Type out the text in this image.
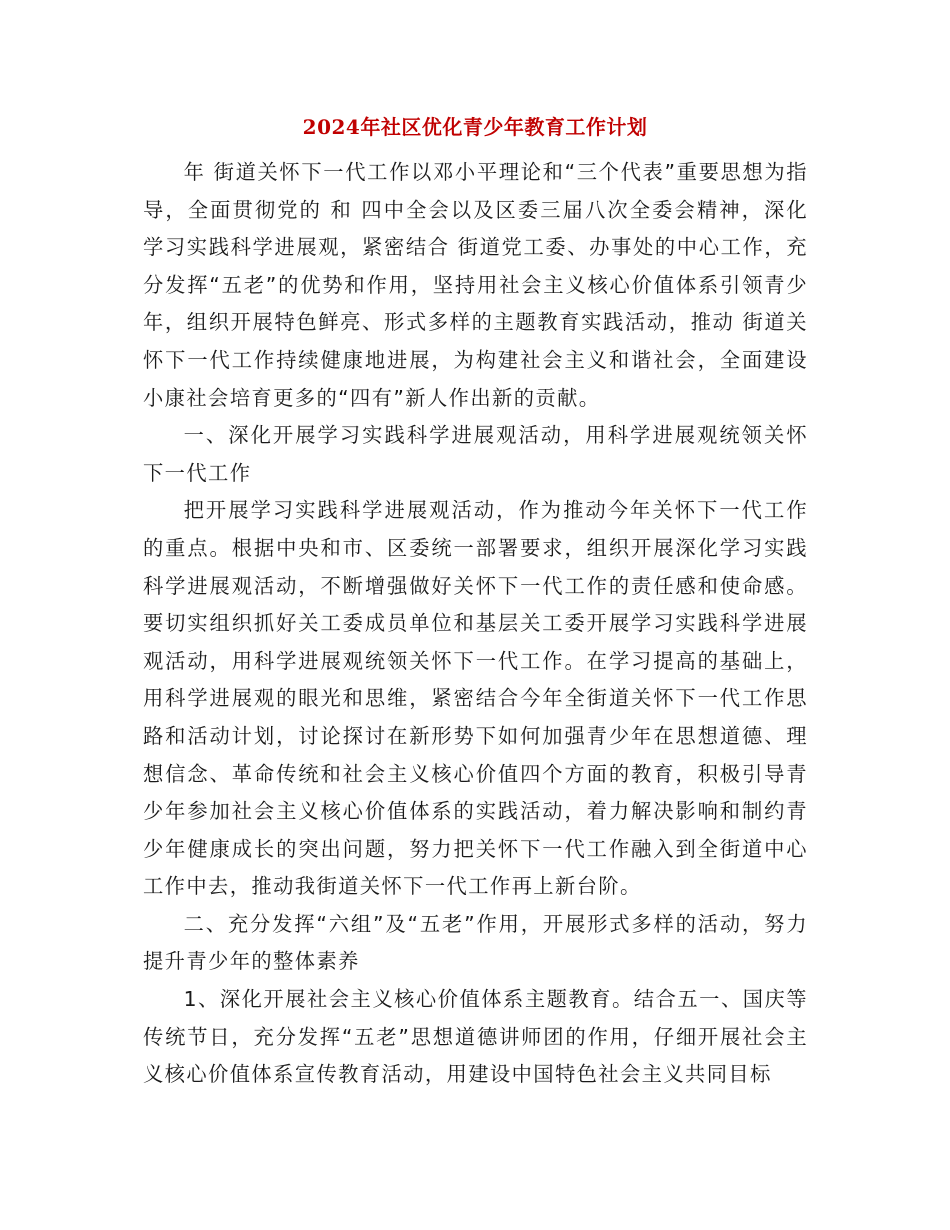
2024年社区优化青少年教育工作计划

年 街道关怀下一代工作以邓小平理论和“三个代表”重要思想为指导，全面贯彻党的 和 四中全会以及区委三届八次全委会精神，深化学习实践科学进展观，紧密结合 街道党工委、办事处的中心工作，充分发挥“五老”的优势和作用，坚持用社会主义核心价值体系引领青少年，组织开展特色鲜亮、形式多样的主题教育实践活动，推动 街道关怀下一代工作持续健康地进展，为构建社会主义和谐社会，全面建设小康社会培育更多的“四有”新人作出新的贡献。

一、深化开展学习实践科学进展观活动，用科学进展观统领关怀下一代工作

把开展学习实践科学进展观活动，作为推动今年关怀下一代工作的重点。根据中央和市、区委统一部署要求，组织开展深化学习实践科学进展观活动，不断增强做好关怀下一代工作的责任感和使命感。要切实组织抓好关工委成员单位和基层关工委开展学习实践科学进展观活动，用科学进展观统领关怀下一代工作。在学习提高的基础上，用科学进展观的眼光和思维，紧密结合今年全街道关怀下一代工作思路和活动计划，讨论探讨在新形势下如何加强青少年在思想道德、理想信念、革命传统和社会主义核心价值四个方面的教育，积极引导青少年参加社会主义核心价值体系的实践活动，着力解决影响和制约青少年健康成长的突出问题，努力把关怀下一代工作融入到全街道中心工作中去，推动我街道关怀下一代工作再上新台阶。

二、充分发挥“六组”及“五老”作用，开展形式多样的活动，努力提升青少年的整体素养

1、深化开展社会主义核心价值体系主题教育。结合五一、国庆等传统节日，充分发挥“五老”思想道德讲师团的作用，仔细开展社会主义核心价值体系宣传教育活动，用建设中国特色社会主义共同目标
